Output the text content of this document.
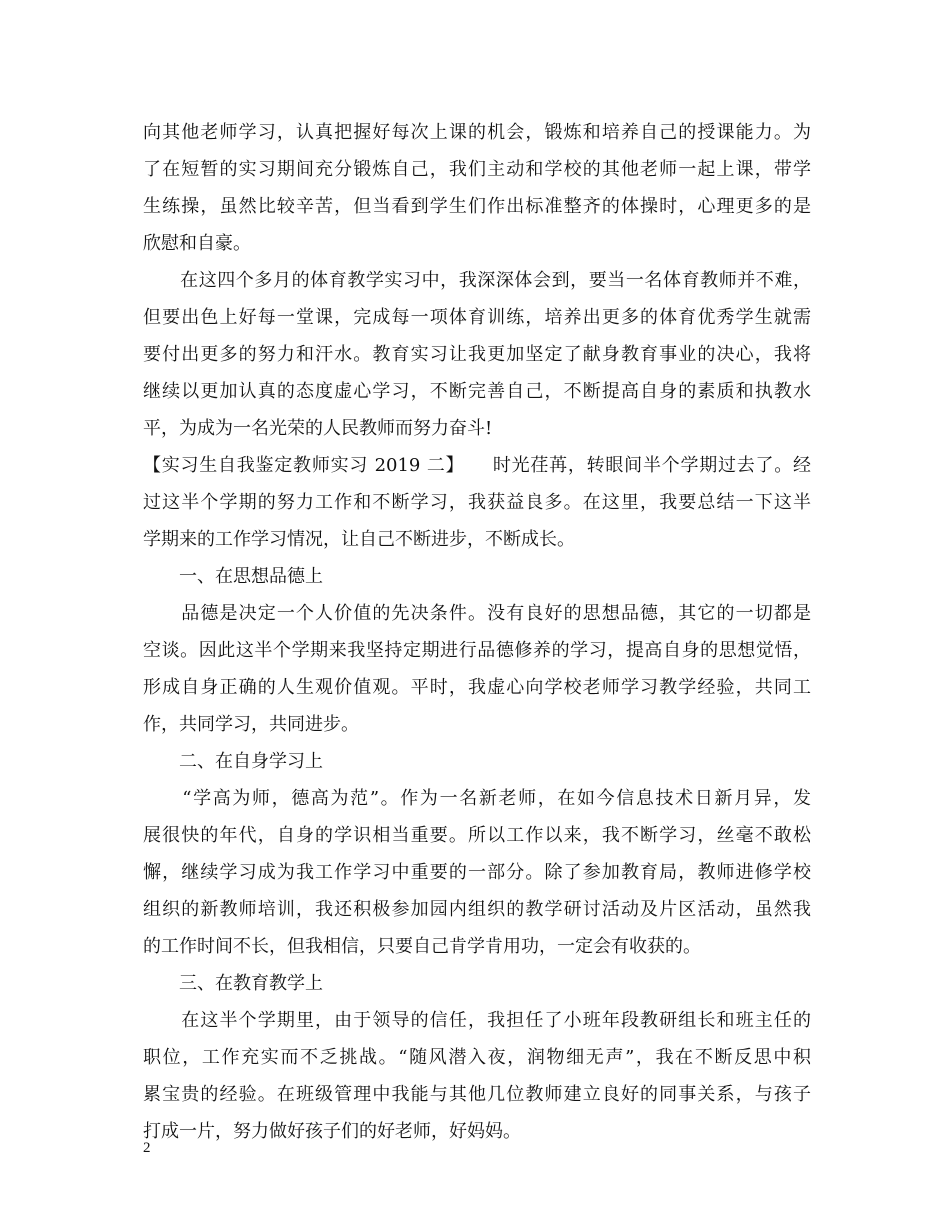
向其他老师学习，认真把握好每次上课的机会，锻炼和培养自己的授课能力。为
了在短暂的实习期间充分锻炼自己，我们主动和学校的其他老师一起上课，带学
生练操，虽然比较辛苦，但当看到学生们作出标准整齐的体操时，心理更多的是
欣慰和自豪。
　　在这四个多月的体育教学实习中，我深深体会到，要当一名体育教师并不难，
但要出色上好每一堂课，完成每一项体育训练，培养出更多的体育优秀学生就需
要付出更多的努力和汗水。教育实习让我更加坚定了献身教育事业的决心，我将
继续以更加认真的态度虚心学习，不断完善自己，不断提高自身的素质和执教水
平，为成为一名光荣的人民教师而努力奋斗!
【实习生自我鉴定教师实习 2019 二】　　时光荏苒，转眼间半个学期过去了。经
过这半个学期的努力工作和不断学习，我获益良多。在这里，我要总结一下这半
学期来的工作学习情况，让自己不断进步，不断成长。
　　一、在思想品德上
　　品德是决定一个人价值的先决条件。没有良好的思想品德，其它的一切都是
空谈。因此这半个学期来我坚持定期进行品德修养的学习，提高自身的思想觉悟，
形成自身正确的人生观价值观。平时，我虚心向学校老师学习教学经验，共同工
作，共同学习，共同进步。
　　二、在自身学习上
　　“学高为师，德高为范”。作为一名新老师，在如今信息技术日新月异，发
展很快的年代，自身的学识相当重要。所以工作以来，我不断学习，丝毫不敢松
懈，继续学习成为我工作学习中重要的一部分。除了参加教育局，教师进修学校
组织的新教师培训，我还积极参加园内组织的教学研讨活动及片区活动，虽然我
的工作时间不长，但我相信，只要自己肯学肯用功，一定会有收获的。
　　三、在教育教学上
　　在这半个学期里，由于领导的信任，我担任了小班年段教研组长和班主任的
职位，工作充实而不乏挑战。“随风潜入夜，润物细无声”，我在不断反思中积
累宝贵的经验。在班级管理中我能与其他几位教师建立良好的同事关系，与孩子
打成一片，努力做好孩子们的好老师，好妈妈。
2
